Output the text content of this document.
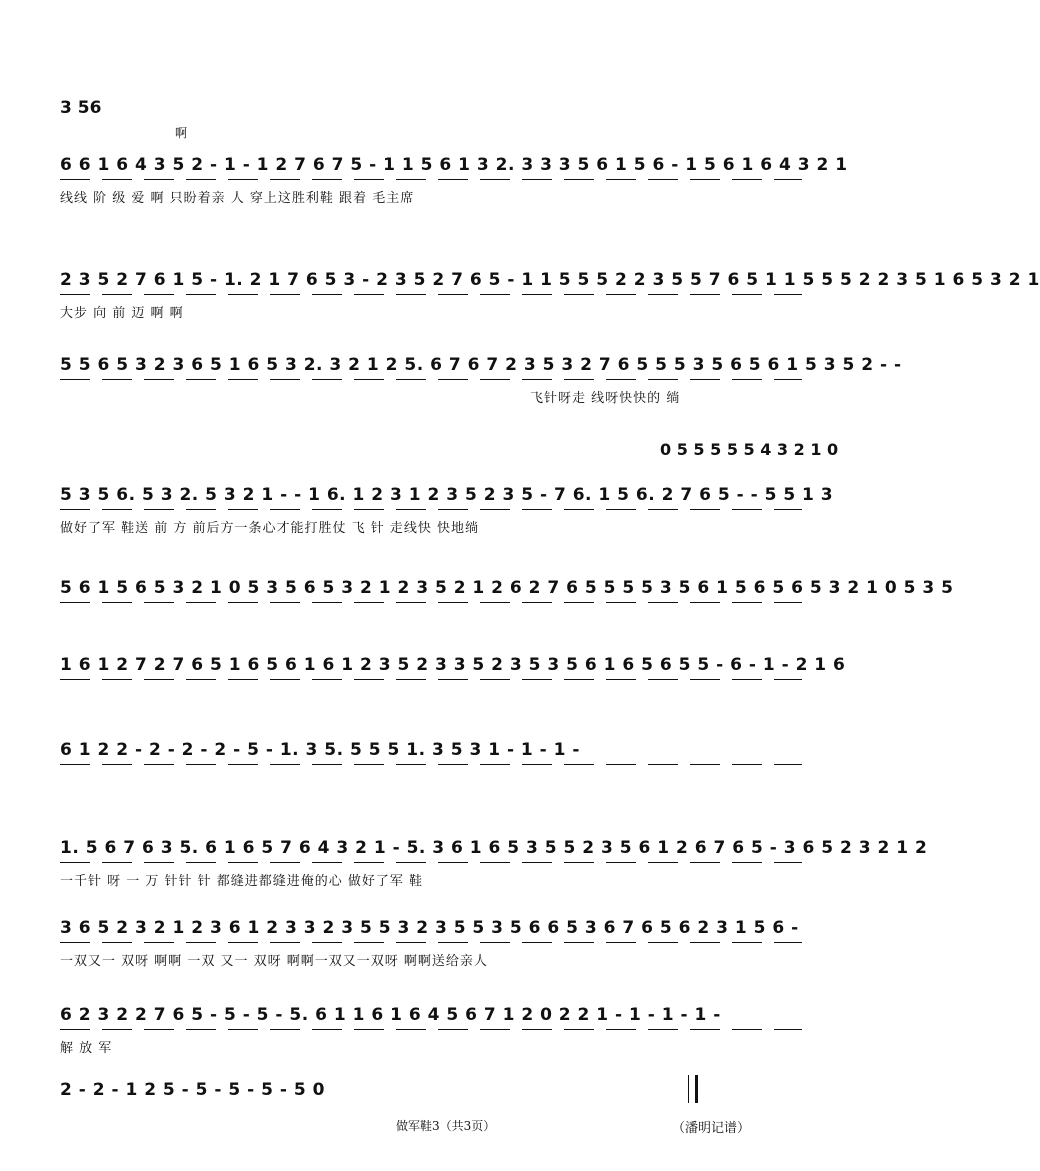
3 56
啊
6 6 1 6 4 3 5 2 - 1 - 1 2 7 6 7 5 - 1 1 5 6 1 3 2. 3 3 3 5 6 1 5 6 - 1 5 6 1 6 4 3 2 1
线线 阶 级 爱 啊 只盼着亲 人 穿上这胜利鞋 跟着 毛主席
2 3 5 2 7 6 1 5 - 1. 2 1 7 6 5 3 - 2 3 5 2 7 6 5 - 1 1 5 5 5 2 2 3 5 5 7 6 5 1 1 5 5 5 2 2 3 5 1 6 5 3 2 1
大步 向 前 迈 啊 啊
5 5 6 5 3 2 3 6 5 1 6 5 3 2. 3 2 1 2 5. 6 7 6 7 2 3 5 3 2 7 6 5 5 5 3 5 6 5 6 1 5 3 5 2 - -
飞针呀走 线呀快快的 绱
0 5 5 5 5 5 4 3 2 1 0
5 3 5 6. 5 3 2. 5 3 2 1 - - 1 6. 1 2 3 1 2 3 5 2 3 5 - 7 6. 1 5 6. 2 7 6 5 - - 5 5 1 3
做好了军 鞋送 前 方 前后方一条心才能打胜仗 飞 针 走线快 快地绱
5 6 1 5 6 5 3 2 1 0 5 3 5 6 5 3 2 1 2 3 5 2 1 2 6 2 7 6 5 5 5 5 3 5 6 1 5 6 5 6 5 3 2 1 0 5 3 5
1 6 1 2 7 2 7 6 5 1 6 5 6 1 6 1 2 3 5 2 3 3 5 2 3 5 3 5 6 1 6 5 6 5 5 - 6 - 1 - 2 1 6
6 1 2 2 - 2 - 2 - 2 - 5 - 1. 3 5. 5 5 5 1. 3 5 3 1 - 1 - 1 -
1. 5 6 7 6 3 5. 6 1 6 5 7 6 4 3 2 1 - 5. 3 6 1 6 5 3 5 5 2 3 5 6 1 2 6 7 6 5 - 3 6 5 2 3 2 1 2
一千针 呀 一 万 针针 针 都缝进都缝进俺的心 做好了军 鞋
3 6 5 2 3 2 1 2 3 6 1 2 3 3 2 3 5 5 3 2 3 5 5 3 5 6 6 5 3 6 7 6 5 6 2 3 1 5 6 -
一双又一 双呀 啊啊 一双 又一 双呀 啊啊一双又一双呀 啊啊送给亲人
6 2 3 2 2 7 6 5 - 5 - 5 - 5. 6 1 1 6 1 6 4 5 6 7 1 2 0 2 2 1 - 1 - 1 - 1 -
解 放 军
2 - 2 - 1 2 5 - 5 - 5 - 5 - 5 0
做军鞋3（共3页）	（潘明记谱）
